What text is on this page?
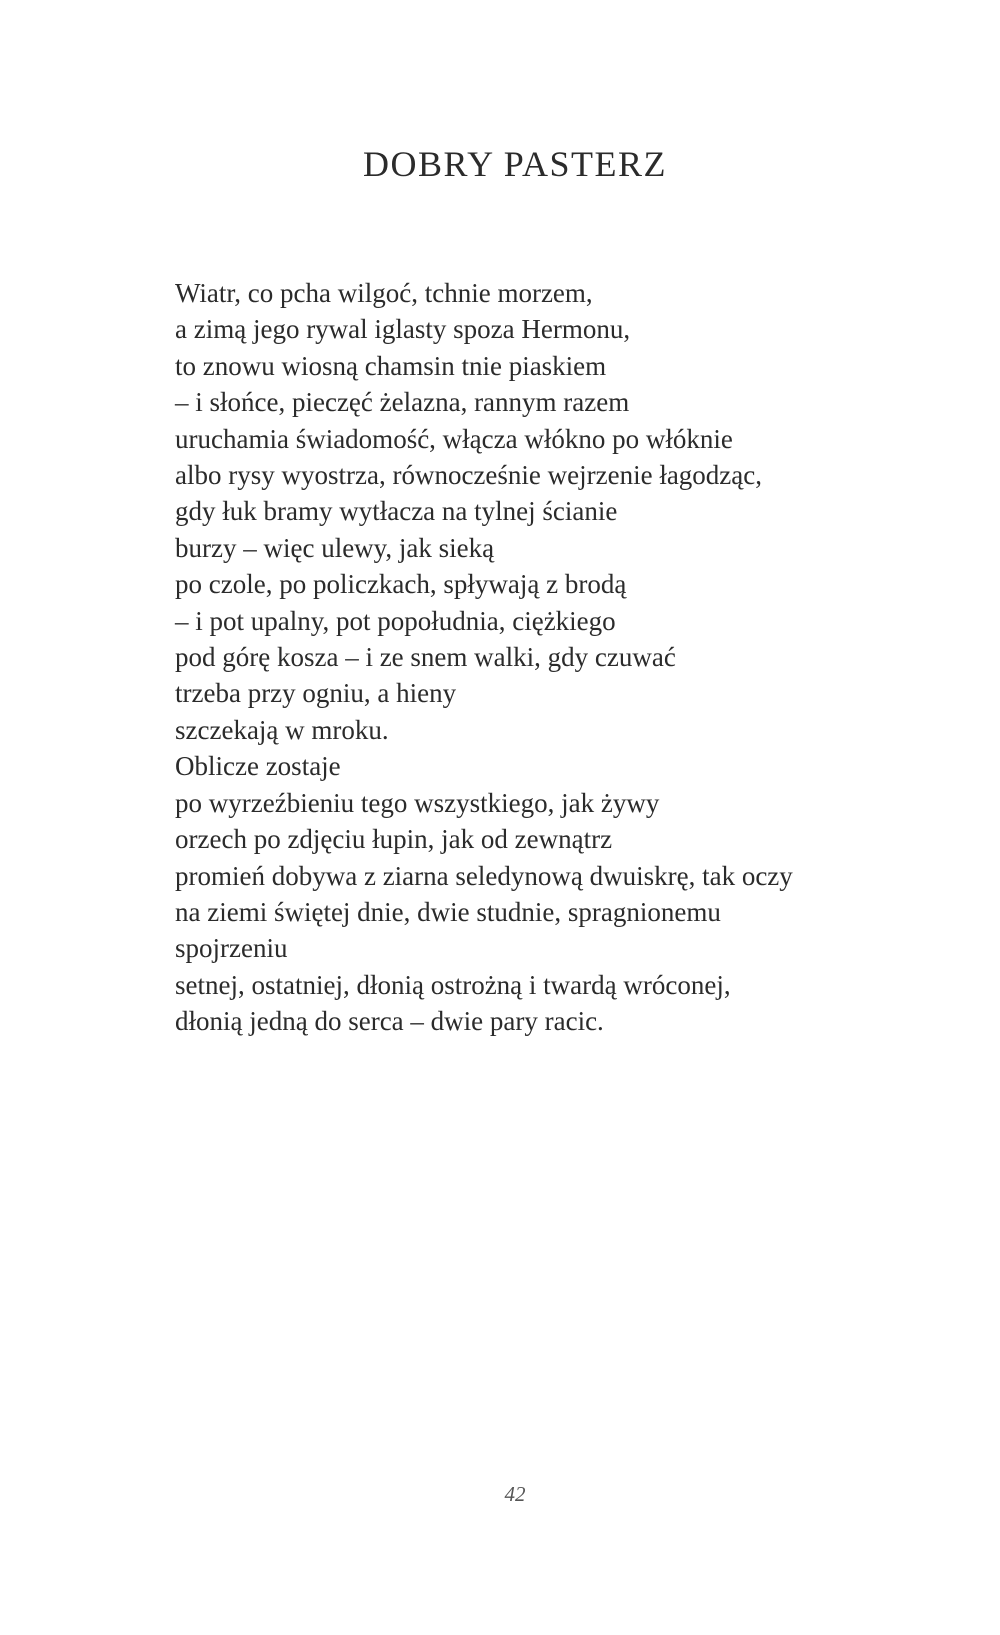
DOBRY PASTERZ
Wiatr, co pcha wilgoć, tchnie morzem,
a zimą jego rywal iglasty spoza Hermonu,
to znowu wiosną chamsin tnie piaskiem
– i słońce, pieczęć żelazna, rannym razem
uruchamia świadomość, włącza włókno po włóknie
albo rysy wyostrza, równocześnie wejrzenie łagodząc,
gdy łuk bramy wytłacza na tylnej ścianie
burzy – więc ulewy, jak sieką
po czole, po policzkach, spływają z brodą
– i pot upalny, pot popołudnia, ciężkiego
pod górę kosza – i ze snem walki, gdy czuwać
trzeba przy ogniu, a hieny
szczekają w mroku.
Oblicze zostaje
po wyrzeźbieniu tego wszystkiego, jak żywy
orzech po zdjęciu łupin, jak od zewnątrz
promień dobywa z ziarna seledynową dwuiskrę, tak oczy
na ziemi świętej dnie, dwie studnie, spragnionemu
spojrzeniu
setnej, ostatniej, dłonią ostrożną i twardą wróconej,
dłonią jedną do serca – dwie pary racic.
42
